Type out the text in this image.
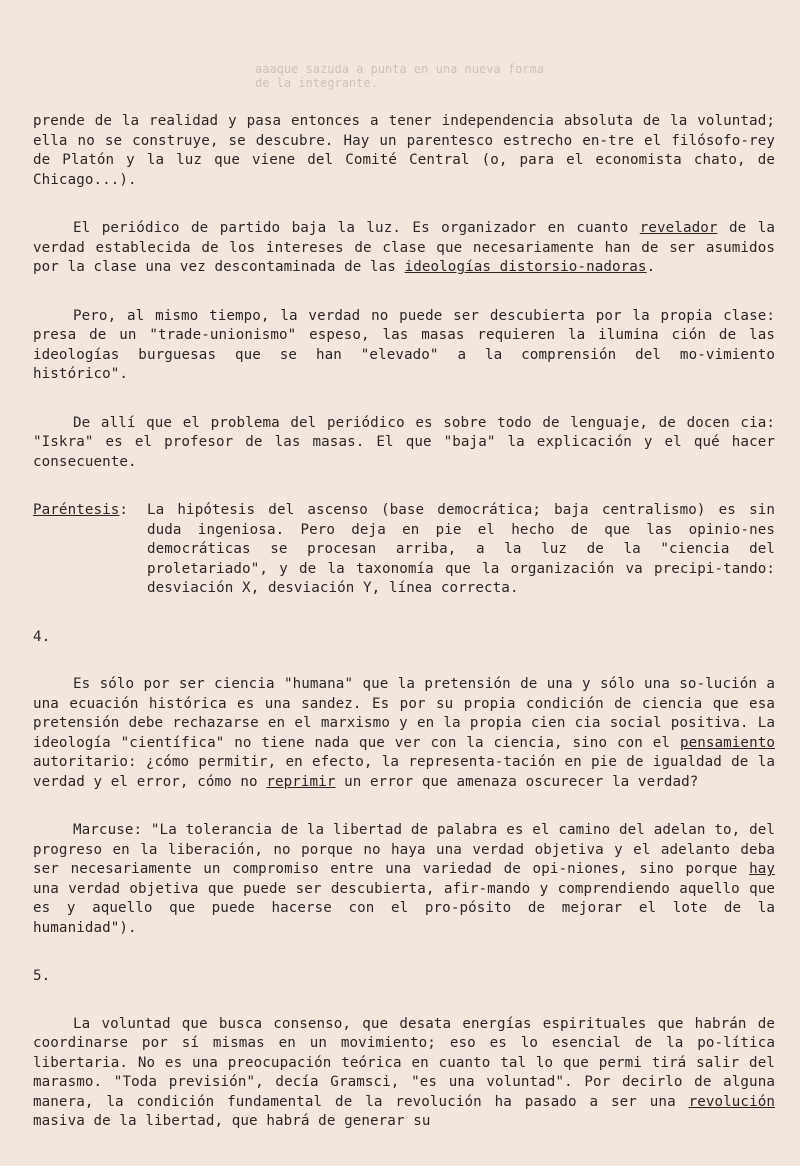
aaaque sazuda a punta en una nueva forma de la integrante.

prende de la realidad y pasa entonces a tener independencia absoluta de la voluntad; ella no se construye, se descubre. Hay un parentesco estrecho en-tre el filósofo-rey de Platón y la luz que viene del Comité Central (o, para el economista chato, de Chicago...).

El periódico de partido baja la luz. Es organizador en cuanto revelador de la verdad establecida de los intereses de clase que necesariamente han de ser asumidos por la clase una vez descontaminada de las ideologías distorsio-nadoras.

Pero, al mismo tiempo, la verdad no puede ser descubierta por la propia clase: presa de un "trade-unionismo" espeso, las masas requieren la ilumina ción de las ideologías burguesas que se han "elevado" a la comprensión del mo-vimiento histórico".

De allí que el problema del periódico es sobre todo de lenguaje, de docen cia: "Iskra" es el profesor de las masas. El que "baja" la explicación y el qué hacer consecuente.

Paréntesis:	La hipótesis del ascenso (base democrática; baja centralismo) es sin duda ingeniosa. Pero deja en pie el hecho de que las opinio-nes democráticas se procesan arriba, a la luz de la "ciencia del proletariado", y de la taxonomía que la organización va precipi-tando: desviación X, desviación Y, línea correcta.
4.

Es sólo por ser ciencia "humana" que la pretensión de una y sólo una so-lución a una ecuación histórica es una sandez. Es por su propia condición de ciencia que esa pretensión debe rechazarse en el marxismo y en la propia cien cia social positiva. La ideología "científica" no tiene nada que ver con la ciencia, sino con el pensamiento autoritario: ¿cómo permitir, en efecto, la representa-tación en pie de igualdad de la verdad y el error, cómo no reprimir un error que amenaza oscurecer la verdad?

Marcuse: "La tolerancia de la libertad de palabra es el camino del adelan to, del progreso en la liberación, no porque no haya una verdad objetiva y el adelanto deba ser necesariamente un compromiso entre una variedad de opi-niones, sino porque hay una verdad objetiva que puede ser descubierta, afir-mando y comprendiendo aquello que es y aquello que puede hacerse con el pro-pósito de mejorar el lote de la humanidad").

5.

La voluntad que busca consenso, que desata energías espirituales que habrán de coordinarse por sí mismas en un movimiento; eso es lo esencial de la po-lítica libertaria. No es una preocupación teórica en cuanto tal lo que permi tirá salir del marasmo. "Toda previsión", decía Gramsci, "es una voluntad". Por decirlo de alguna manera, la condición fundamental de la revolución ha pasado a ser una revolución masiva de la libertad, que habrá de generar su
